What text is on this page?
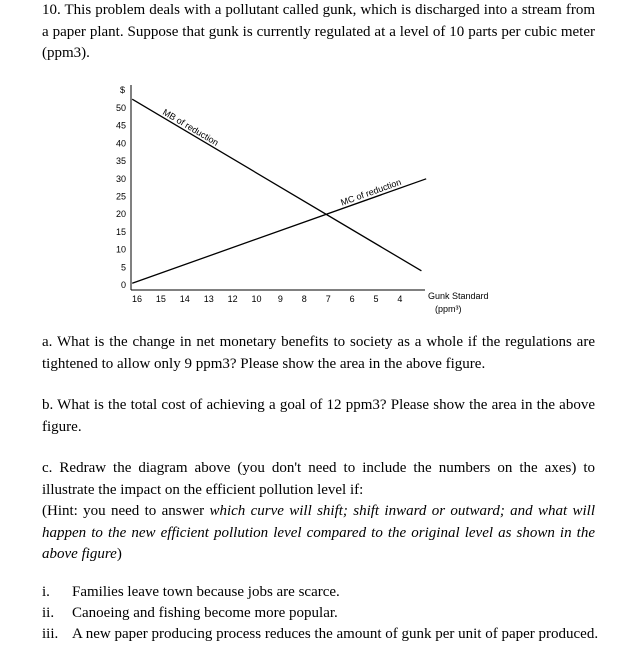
10. This problem deals with a pollutant called gunk, which is discharged into a stream from a paper plant. Suppose that gunk is currently regulated at a level of 10 parts per cubic meter (ppm3).

$
0
5
10
15
20
25
30
35
40
45
50
16 15 14 13 12 10 9 8 7 6 5 4	Gunk Standard
(ppm³)
MB of reduction
MC of reduction

a. What is the change in net monetary benefits to society as a whole if the regulations are tightened to allow only 9 ppm3? Please show the area in the above figure.

b. What is the total cost of achieving a goal of 12 ppm3? Please show the area in the above figure.

c. Redraw the diagram above (you don't need to include the numbers on the axes) to illustrate the impact on the efficient pollution level if:

(Hint: you need to answer which curve will shift; shift inward or outward; and what will happen to the new efficient pollution level compared to the original level as shown in the above figure)

i. Families leave town because jobs are scarce.
ii. Canoeing and fishing become more popular.
iii. A new paper producing process reduces the amount of gunk per unit of paper produced.
